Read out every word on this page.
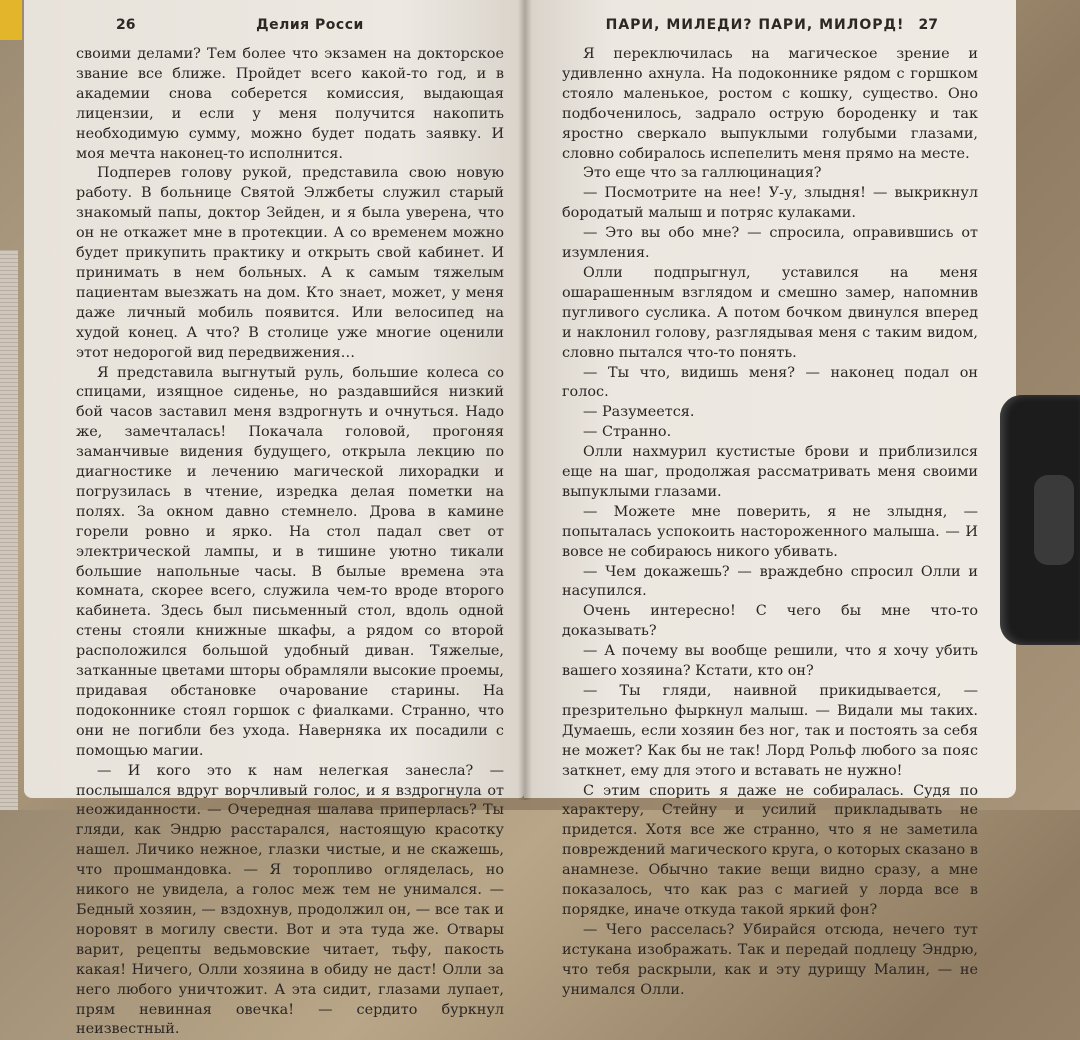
26	Делия Росси

своими делами? Тем более что экзамен на докторское звание все ближе. Пройдет всего какой-то год, и в академии снова соберется комиссия, выдающая лицензии, и если у меня получится накопить необходимую сумму, можно будет подать заявку. И моя мечта наконец-то исполнится.

Подперев голову рукой, представила свою новую работу. В больнице Святой Элжбеты служил старый знакомый папы, доктор Зейден, и я была уверена, что он не откажет мне в протекции. А со временем можно будет прикупить практику и открыть свой кабинет. И принимать в нем больных. А к самым тяжелым пациентам выезжать на дом. Кто знает, может, у меня даже личный мобиль появится. Или велосипед на худой конец. А что? В столице уже многие оценили этот недорогой вид передвижения…

Я представила выгнутый руль, большие колеса со спицами, изящное сиденье, но раздавшийся низкий бой часов заставил меня вздрогнуть и очнуться. Надо же, замечталась! Покачала головой, прогоняя заманчивые видения будущего, открыла лекцию по диагностике и лечению магической лихорадки и погрузилась в чтение, изредка делая пометки на полях. За окном давно стемнело. Дрова в камине горели ровно и ярко. На стол падал свет от электрической лампы, и в тишине уютно тикали большие напольные часы. В былые времена эта комната, скорее всего, служила чем-то вроде второго кабинета. Здесь был письменный стол, вдоль одной стены стояли книжные шкафы, а рядом со второй расположился большой удобный диван. Тяжелые, затканные цветами шторы обрамляли высокие проемы, придавая обстановке очарование старины. На подоконнике стоял горшок с фиалками. Странно, что они не погибли без ухода. Наверняка их посадили с помощью магии.

— И кого это к нам нелегкая занесла? — послышался вдруг ворчливый голос, и я вздрогнула от неожиданности. — Очередная шалава приперлась? Ты гляди, как Эндрю расстарался, настоящую красотку нашел. Личико нежное, глазки чистые, и не скажешь, что прошмандовка. — Я торопливо огляделась, но никого не увидела, а голос меж тем не унимался. — Бедный хозяин, — вздохнув, продолжил он, — все так и норовят в могилу свести. Вот и эта туда же. Отвары варит, рецепты ведьмовские читает, тьфу, пакость какая! Ничего, Олли хозяина в обиду не даст! Олли за него любого уничтожит. А эта сидит, глазами лупает, прям невинная овечка! — сердито буркнул неизвестный.

ПАРИ, МИЛЕДИ? ПАРИ, МИЛОРД!	27

Я переключилась на магическое зрение и удивленно ахнула. На подоконнике рядом с горшком стояло маленькое, ростом с кошку, существо. Оно подбоченилось, задрало острую бороденку и так яростно сверкало выпуклыми голубыми глазами, словно собиралось испепелить меня прямо на месте.

Это еще что за галлюцинация?

— Посмотрите на нее! У-у, злыдня! — выкрикнул бородатый малыш и потряс кулаками.

— Это вы обо мне? — спросила, оправившись от изумления.

Олли подпрыгнул, уставился на меня ошарашенным взглядом и смешно замер, напомнив пугливого суслика. А потом бочком двинулся вперед и наклонил голову, разглядывая меня с таким видом, словно пытался что-то понять.

— Ты что, видишь меня? — наконец подал он голос.

— Разумеется.

— Странно.

Олли нахмурил кустистые брови и приблизился еще на шаг, продолжая рассматривать меня своими выпуклыми глазами.

— Можете мне поверить, я не злыдня, — попыталась успокоить настороженного малыша. — И вовсе не собираюсь никого убивать.

— Чем докажешь? — враждебно спросил Олли и насупился.

Очень интересно! С чего бы мне что-то доказывать?

— А почему вы вообще решили, что я хочу убить вашего хозяина? Кстати, кто он?

— Ты гляди, наивной прикидывается, — презрительно фыркнул малыш. — Видали мы таких. Думаешь, если хозяин без ног, так и постоять за себя не может? Как бы не так! Лорд Рольф любого за пояс заткнет, ему для этого и вставать не нужно!

С этим спорить я даже не собиралась. Судя по характеру, Стейну и усилий прикладывать не придется. Хотя все же странно, что я не заметила повреждений магического круга, о которых сказано в анамнезе. Обычно такие вещи видно сразу, а мне показалось, что как раз с магией у лорда все в порядке, иначе откуда такой яркий фон?

— Чего расселась? Убирайся отсюда, нечего тут истукана изображать. Так и передай подлецу Эндрю, что тебя раскрыли, как и эту дурищу Малин, — не унимался Олли.
